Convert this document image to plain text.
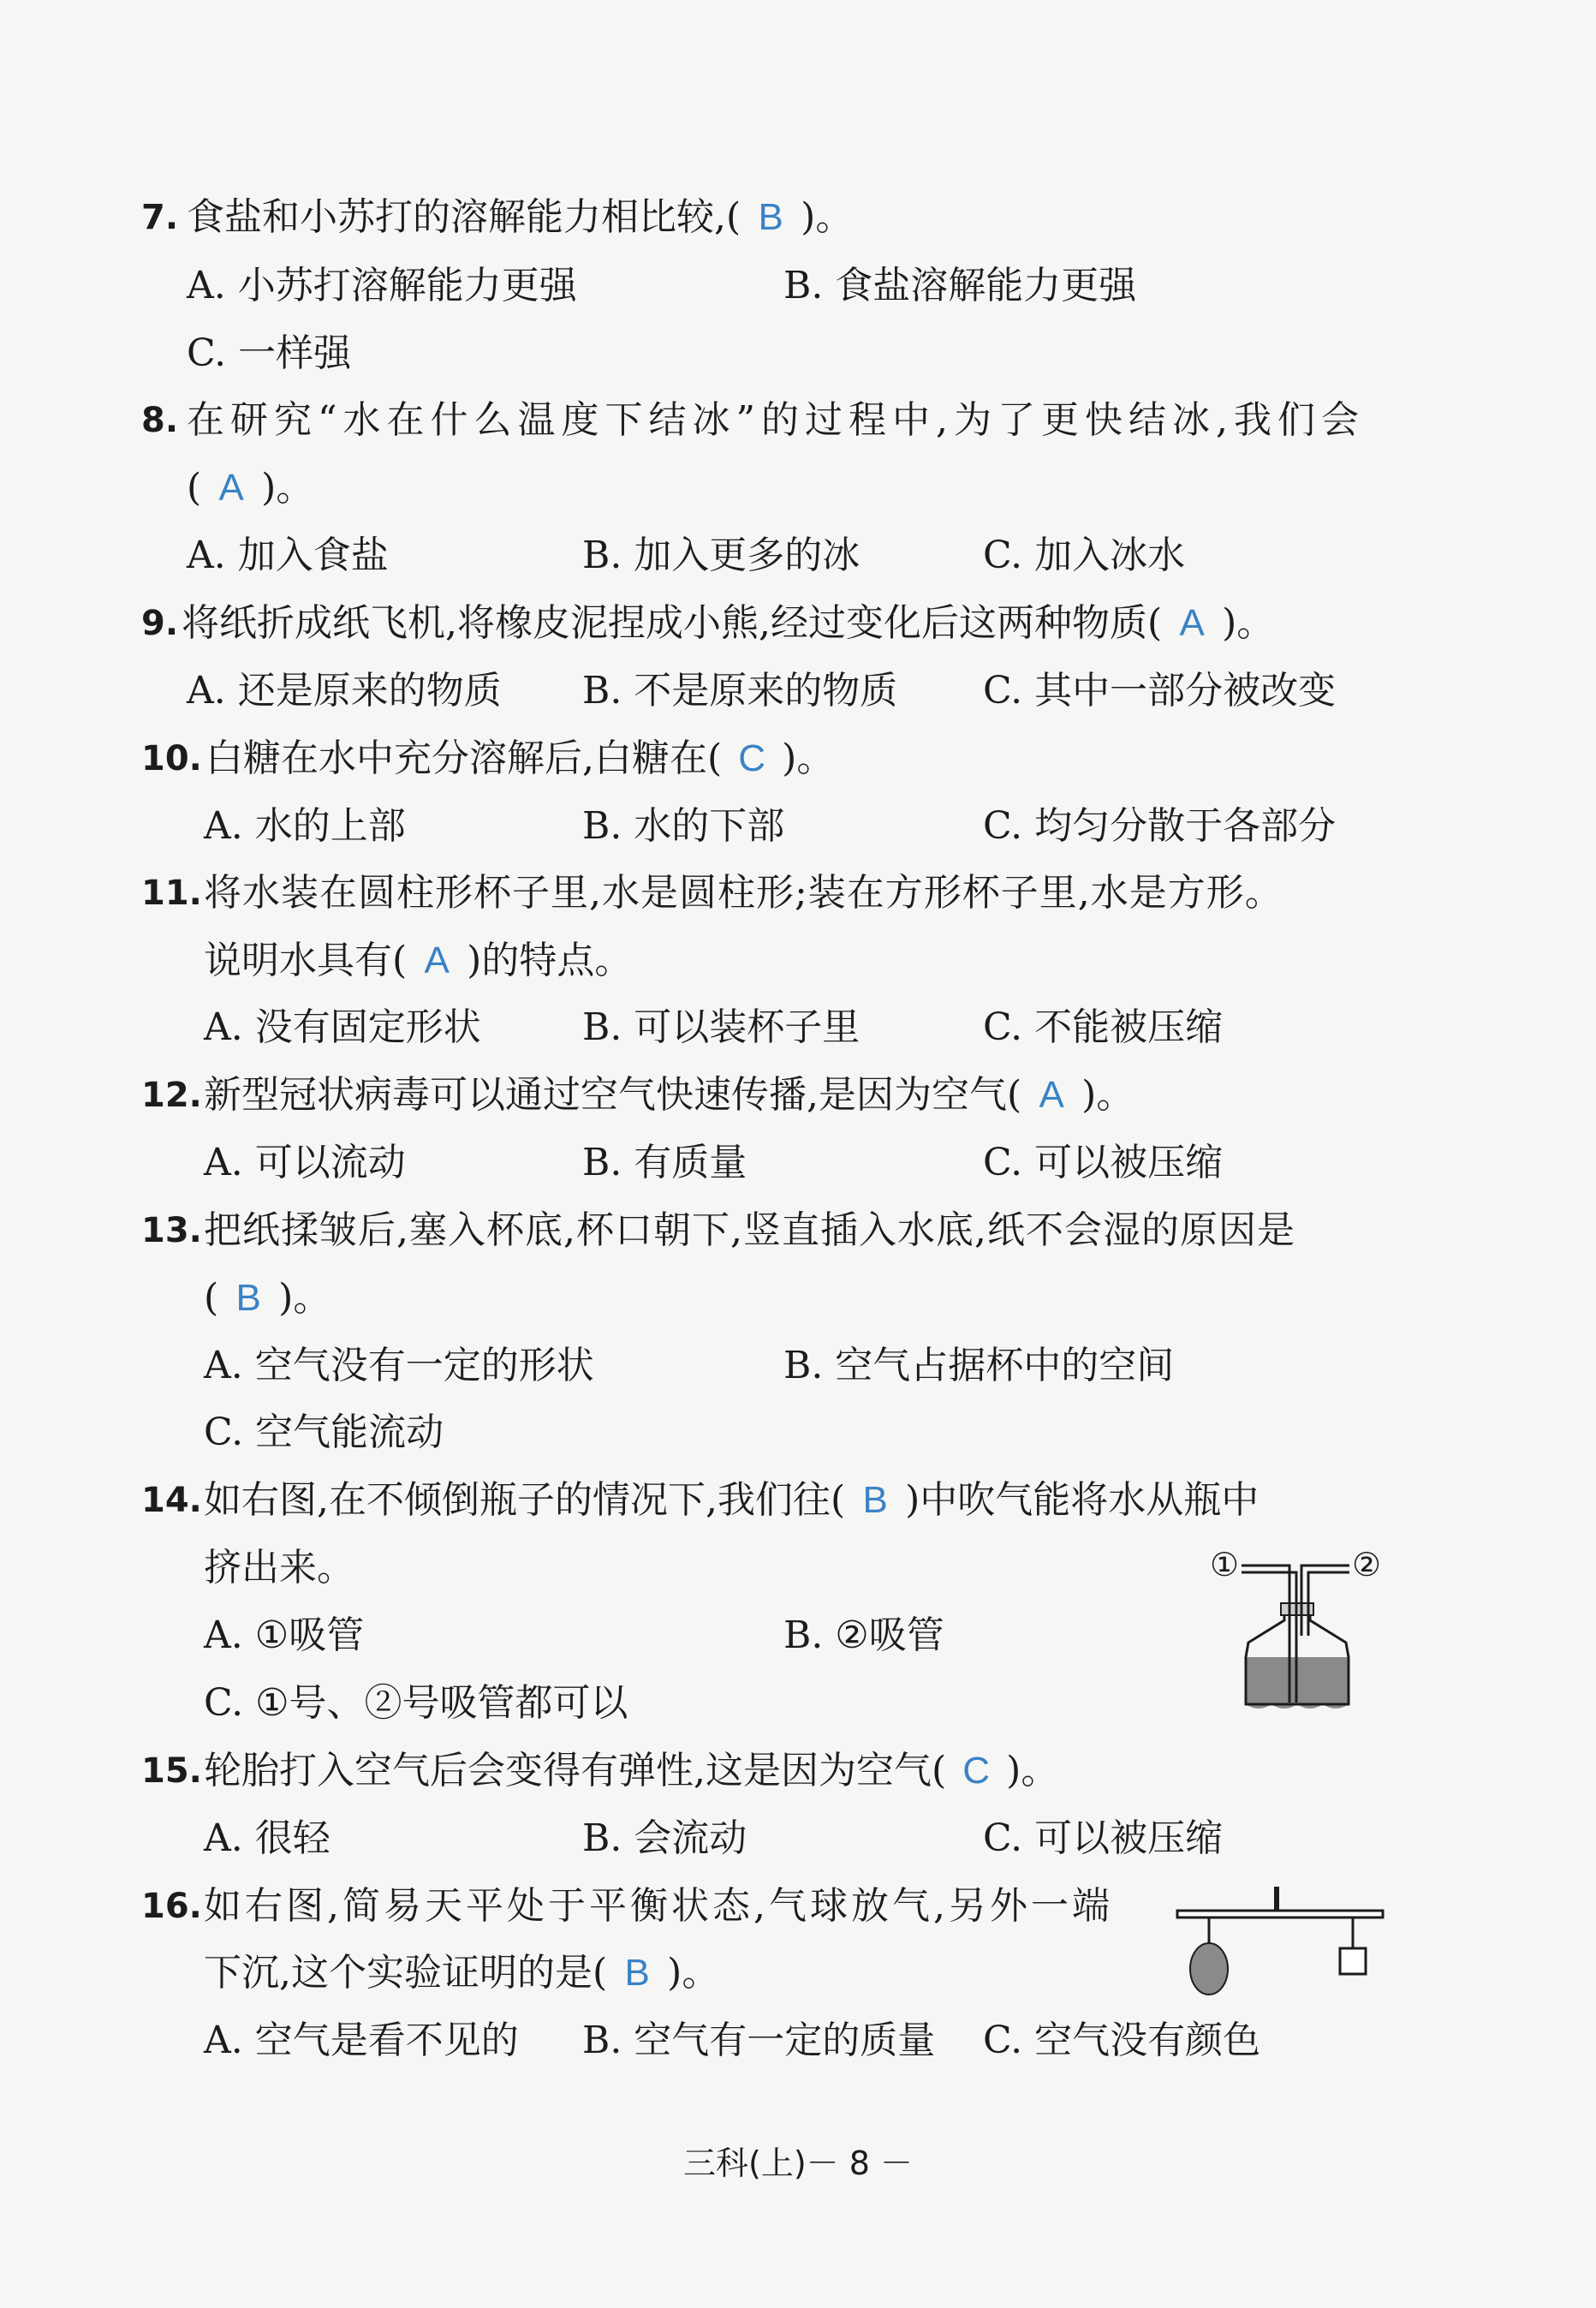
7. 食盐和小苏打的溶解能力相比较,( B )。
A. 小苏打溶解能力更强	B. 食盐溶解能力更强
C. 一样强
8. 在研究“水在什么温度下结冰”的过程中,为了更快结冰,我们会
( A )。
A. 加入食盐	B. 加入更多的冰	C. 加入冰水
9. 将纸折成纸飞机,将橡皮泥捏成小熊,经过变化后这两种物质( A )。
A. 还是原来的物质 B. 不是原来的物质 C. 其中一部分被改变
10. 白糖在水中充分溶解后,白糖在( C )。
A. 水的上部	B. 水的下部	C. 均匀分散于各部分
11. 将水装在圆柱形杯子里,水是圆柱形;装在方形杯子里,水是方形。
说明水具有( A )的特点。
A. 没有固定形状	B. 可以装杯子里	C. 不能被压缩
12. 新型冠状病毒可以通过空气快速传播,是因为空气( A )。
A. 可以流动	B. 有质量	C. 可以被压缩
13. 把纸揉皱后,塞入杯底,杯口朝下,竖直插入水底,纸不会湿的原因是
( B )。
A. 空气没有一定的形状	B. 空气占据杯中的空间
C. 空气能流动
14. 如右图,在不倾倒瓶子的情况下,我们往( B )中吹气能将水从瓶中
挤出来。
A. ①吸管	B. ②吸管
C. ①号、②号吸管都可以
①	②
15. 轮胎打入空气后会变得有弹性,这是因为空气( C )。
A. 很轻	B. 会流动	C. 可以被压缩
16. 如右图,简易天平处于平衡状态,气球放气,另外一端
下沉,这个实验证明的是( B )。
A. 空气是看不见的 B. 空气有一定的质量 C. 空气没有颜色
三科(上)－ 8 －
